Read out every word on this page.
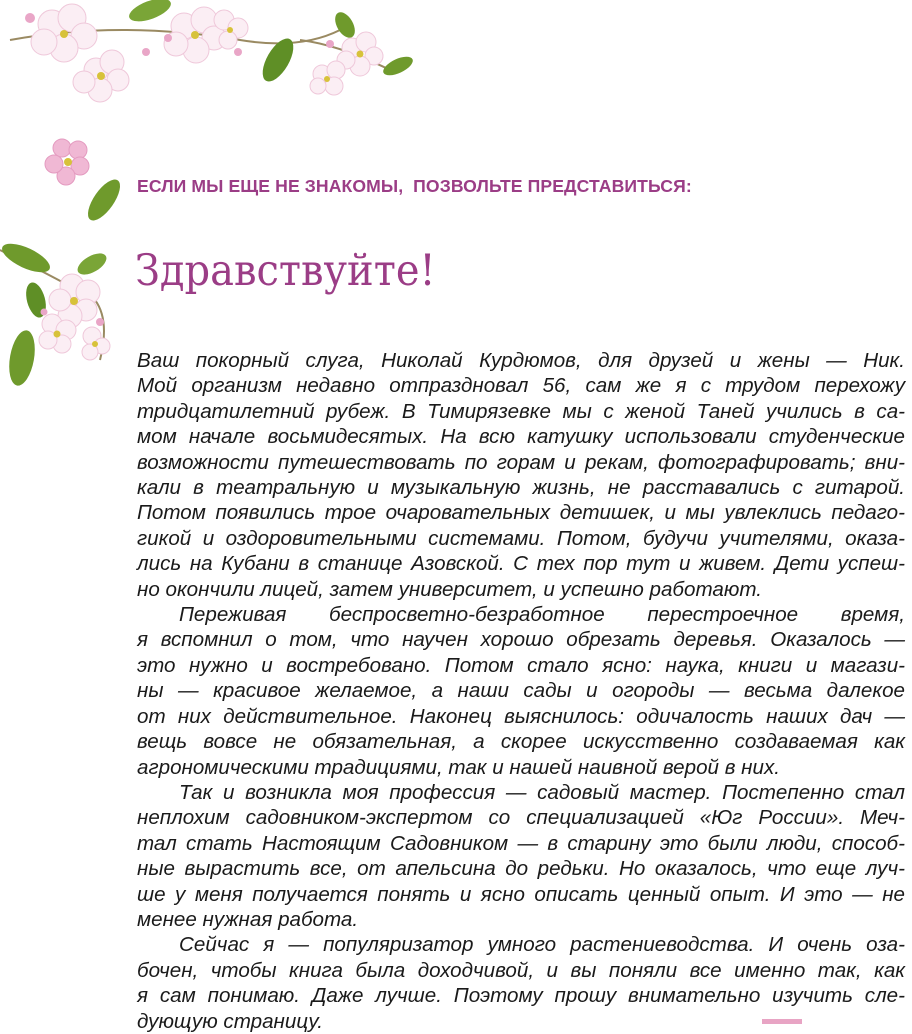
ЕСЛИ МЫ ЕЩЕ НЕ ЗНАКОМЫ,  ПОЗВОЛЬТЕ ПРЕДСТАВИТЬСЯ:
Здравствуйте!
Ваш покорный слуга, Николай Курдюмов, для друзей и жены — Ник.
Мой организм недавно отпраздновал 56, сам же я с трудом перехожу
тридцатилетний рубеж. В Тимирязевке мы с женой Таней учились в са-
мом начале восьмидесятых. На всю катушку использовали студенческие
возможности путешествовать по горам и рекам, фотографировать; вни-
кали в театральную и музыкальную жизнь, не расставались с гитарой.
Потом появились трое очаровательных детишек, и мы увлеклись педаго-
гикой и оздоровительными системами. Потом, будучи учителями, оказа-
лись на Кубани в станице Азовской. С тех пор тут и живем. Дети успеш-
но окончили лицей, затем университет, и успешно работают.
Переживая беспросветно-безработное перестроечное время,
я вспомнил о том, что научен хорошо обрезать деревья. Оказалось —
это нужно и востребовано. Потом стало ясно: наука, книги и магази-
ны — красивое желаемое, а наши сады и огороды — весьма далекое
от них действительное. Наконец выяснилось: одичалость наших дач —
вещь вовсе не обязательная, а скорее искусственно создаваемая как
агрономическими традициями, так и нашей наивной верой в них.
Так и возникла моя профессия — садовый мастер. Постепенно стал
неплохим садовником-экспертом со специализацией «Юг России». Меч-
тал стать Настоящим Садовником — в старину это были люди, способ-
ные вырастить все, от апельсина до редьки. Но оказалось, что еще луч-
ше у меня получается понять и ясно описать ценный опыт. И это — не
менее нужная работа.
Сейчас я — популяризатор умного растениеводства. И очень оза-
бочен, чтобы книга была доходчивой, и вы поняли все именно так, как
я сам понимаю. Даже лучше. Поэтому прошу внимательно изучить сле-
дующую страницу.
